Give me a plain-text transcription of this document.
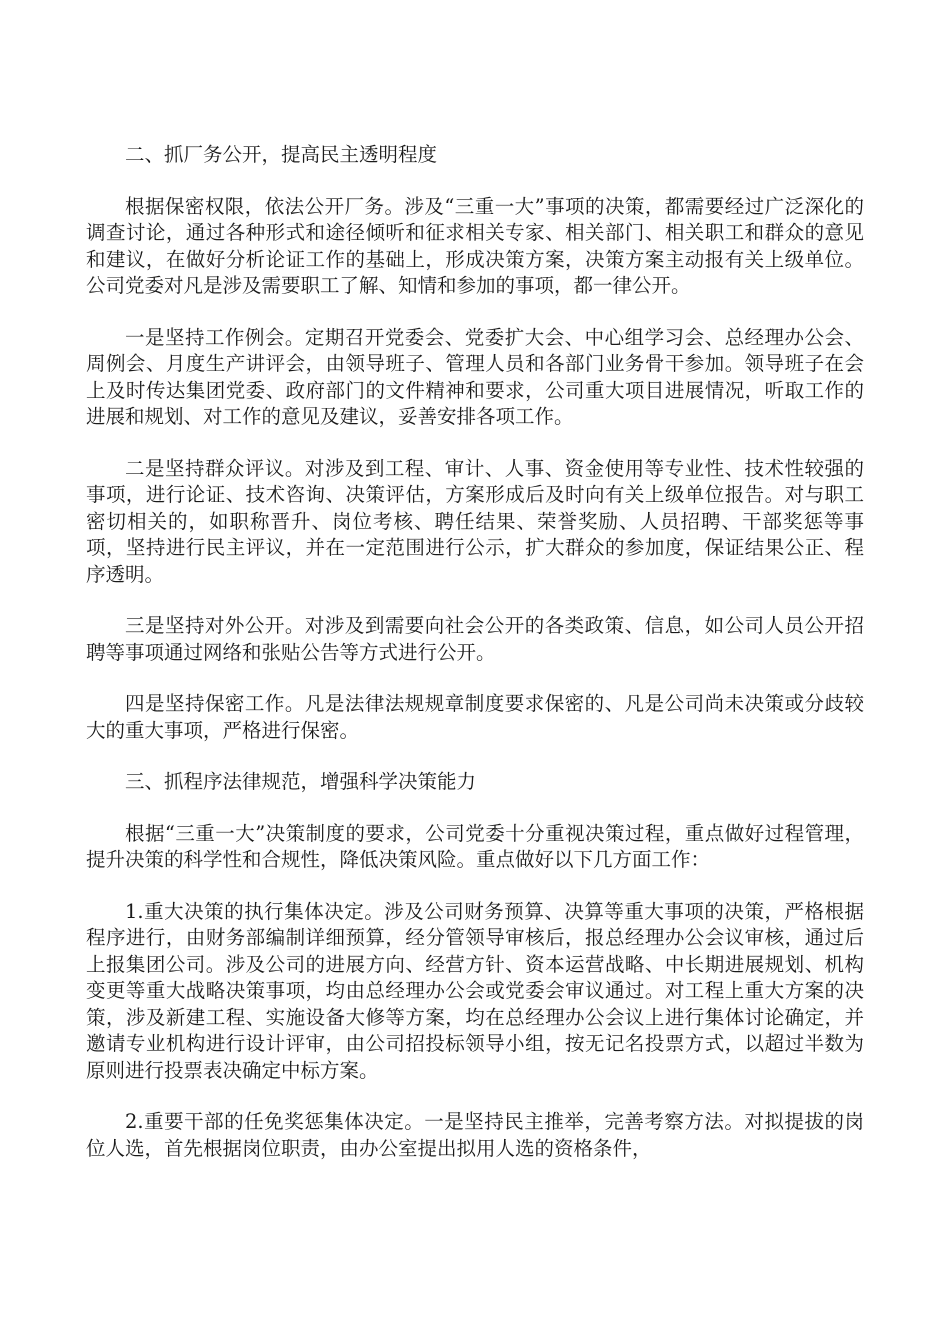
二、抓厂务公开，提高民主透明程度

根据保密权限，依法公开厂务。涉及“三重一大”事项的决策，都需要经过广泛深化的调查讨论，通过各种形式和途径倾听和征求相关专家、相关部门、相关职工和群众的意见和建议，在做好分析论证工作的基础上，形成决策方案，决策方案主动报有关上级单位。公司党委对凡是涉及需要职工了解、知情和参加的事项，都一律公开。

一是坚持工作例会。定期召开党委会、党委扩大会、中心组学习会、总经理办公会、周例会、月度生产讲评会，由领导班子、管理人员和各部门业务骨干参加。领导班子在会上及时传达集团党委、政府部门的文件精神和要求，公司重大项目进展情况，听取工作的进展和规划、对工作的意见及建议，妥善安排各项工作。

二是坚持群众评议。对涉及到工程、审计、人事、资金使用等专业性、技术性较强的事项，进行论证、技术咨询、决策评估，方案形成后及时向有关上级单位报告。对与职工密切相关的，如职称晋升、岗位考核、聘任结果、荣誉奖励、人员招聘、干部奖惩等事项，坚持进行民主评议，并在一定范围进行公示，扩大群众的参加度，保证结果公正、程序透明。

三是坚持对外公开。对涉及到需要向社会公开的各类政策、信息，如公司人员公开招聘等事项通过网络和张贴公告等方式进行公开。

四是坚持保密工作。凡是法律法规规章制度要求保密的、凡是公司尚未决策或分歧较大的重大事项，严格进行保密。

三、抓程序法律规范，增强科学决策能力

根据“三重一大”决策制度的要求，公司党委十分重视决策过程，重点做好过程管理，提升决策的科学性和合规性，降低决策风险。重点做好以下几方面工作：

1.重大决策的执行集体决定。涉及公司财务预算、决算等重大事项的决策，严格根据程序进行，由财务部编制详细预算，经分管领导审核后，报总经理办公会议审核，通过后上报集团公司。涉及公司的进展方向、经营方针、资本运营战略、中长期进展规划、机构变更等重大战略决策事项，均由总经理办公会或党委会审议通过。对工程上重大方案的决策，涉及新建工程、实施设备大修等方案，均在总经理办公会议上进行集体讨论确定，并邀请专业机构进行设计评审，由公司招投标领导小组，按无记名投票方式，以超过半数为原则进行投票表决确定中标方案。

2.重要干部的任免奖惩集体决定。一是坚持民主推举，完善考察方法。对拟提拔的岗位人选，首先根据岗位职责，由办公室提出拟用人选的资格条件，
